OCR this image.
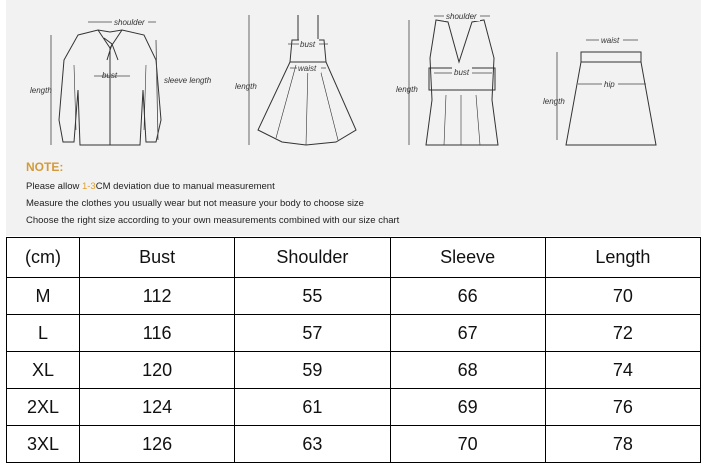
shoulder
bust
sleeve length
length
bust
waist
length
shoulder
bust
length
waist
hip
length
NOTE:
Please allow 1-3CM deviation due to manual measurement
Measure the clothes you usually wear but not measure your body to choose size
Choose the right size according to your own measurements combined with our size chart
(cm)	Bust	Shoulder	Sleeve	Length
M	112	55	66	70
L	116	57	67	72
XL	120	59	68	74
2XL	124	61	69	76
3XL	126	63	70	78
